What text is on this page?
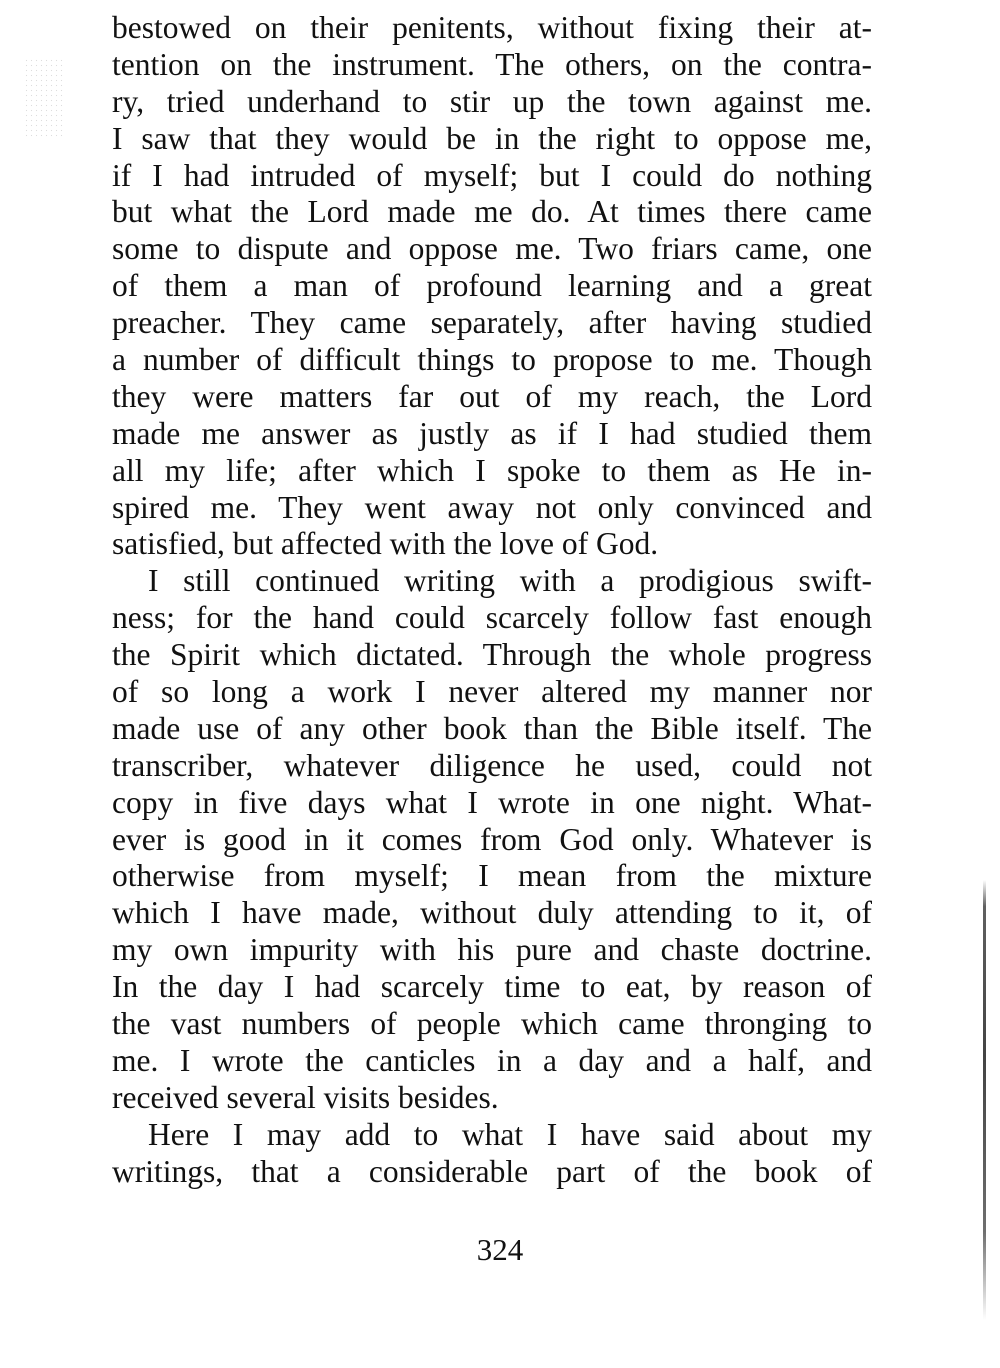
bestowed on their penitents, without fixing their at-
tention on the instrument. The others, on the contra-
ry, tried underhand to stir up the town against me.
I saw that they would be in the right to oppose me,
if I had intruded of myself; but I could do nothing
but what the Lord made me do. At times there came
some to dispute and oppose me. Two friars came, one
of them a man of profound learning and a great
preacher. They came separately, after having studied
a number of difficult things to propose to me. Though
they were matters far out of my reach, the Lord
made me answer as justly as if I had studied them
all my life; after which I spoke to them as He in-
spired me. They went away not only convinced and
satisfied, but affected with the love of God.
I still continued writing with a prodigious swift-
ness; for the hand could scarcely follow fast enough
the Spirit which dictated. Through the whole progress
of so long a work I never altered my manner nor
made use of any other book than the Bible itself. The
transcriber, whatever diligence he used, could not
copy in five days what I wrote in one night. What-
ever is good in it comes from God only. Whatever is
otherwise from myself; I mean from the mixture
which I have made, without duly attending to it, of
my own impurity with his pure and chaste doctrine.
In the day I had scarcely time to eat, by reason of
the vast numbers of people which came thronging to
me. I wrote the canticles in a day and a half, and
received several visits besides.
Here I may add to what I have said about my
writings, that a considerable part of the book of
324
